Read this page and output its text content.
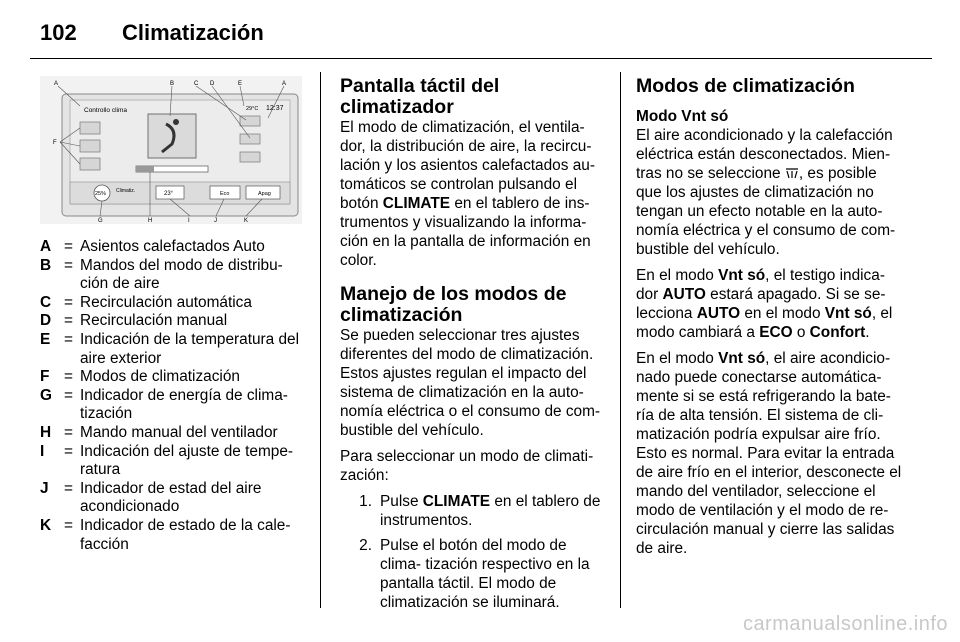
102 Climatización
Controllo clima	12:37
29°C
25% Climatiz.	23°	Eco	Apag
A	B	C D	E	A
F
G	H	I	J	K
A = Asientos calefactados Auto
B = Mandos del modo de distribu- ción de aire
C = Recirculación automática
D = Recirculación manual
E = Indicación de la temperatura del aire exterior
F = Modos de climatización
G = Indicador de energía de clima- tización
H = Mando manual del ventilador
I	= Indicación del ajuste de tempe- ratura
J	= Indicador de estad del aire acondicionado
K = Indicador de estado de la cale- facción
Pantalla táctil del climatizador

El modo de climatización, el ventila- dor, la distribución de aire, la recircu- lación y los asientos calefactados au- tomáticos se controlan pulsando el botón CLIMATE en el tablero de ins- trumentos y visualizando la informa- ción en la pantalla de información en color.

Manejo de los modos de climatización

Se pueden seleccionar tres ajustes diferentes del modo de climatización. Estos ajustes regulan el impacto del sistema de climatización en la auto- nomía eléctrica o el consumo de com- bustible del vehículo.

Para seleccionar un modo de climati- zación:

1. Pulse CLIMATE en el tablero de instrumentos.
2. Pulse el botón del modo de clima- tización respectivo en la pantalla táctil. El modo de climatización se iluminará.
Modos de climatización
Modo Vnt só

El aire acondicionado y la calefacción eléctrica están desconectados. Mien- tras no se seleccione , es posible que los ajustes de climatización no tengan un efecto notable en la auto- nomía eléctrica y el consumo de com- bustible del vehículo.

En el modo Vnt só, el testigo indica- dor AUTO estará apagado. Si se se- lecciona AUTO en el modo Vnt só, el modo cambiará a ECO o Confort.

En el modo Vnt só, el aire acondicio- nado puede conectarse automática- mente si se está refrigerando la bate- ría de alta tensión. El sistema de cli- matización podría expulsar aire frío. Esto es normal. Para evitar la entrada de aire frío en el interior, desconecte el mando del ventilador, seleccione el modo de ventilación y el modo de re- circulación manual y cierre las salidas de aire.

carmanualsonline.info
